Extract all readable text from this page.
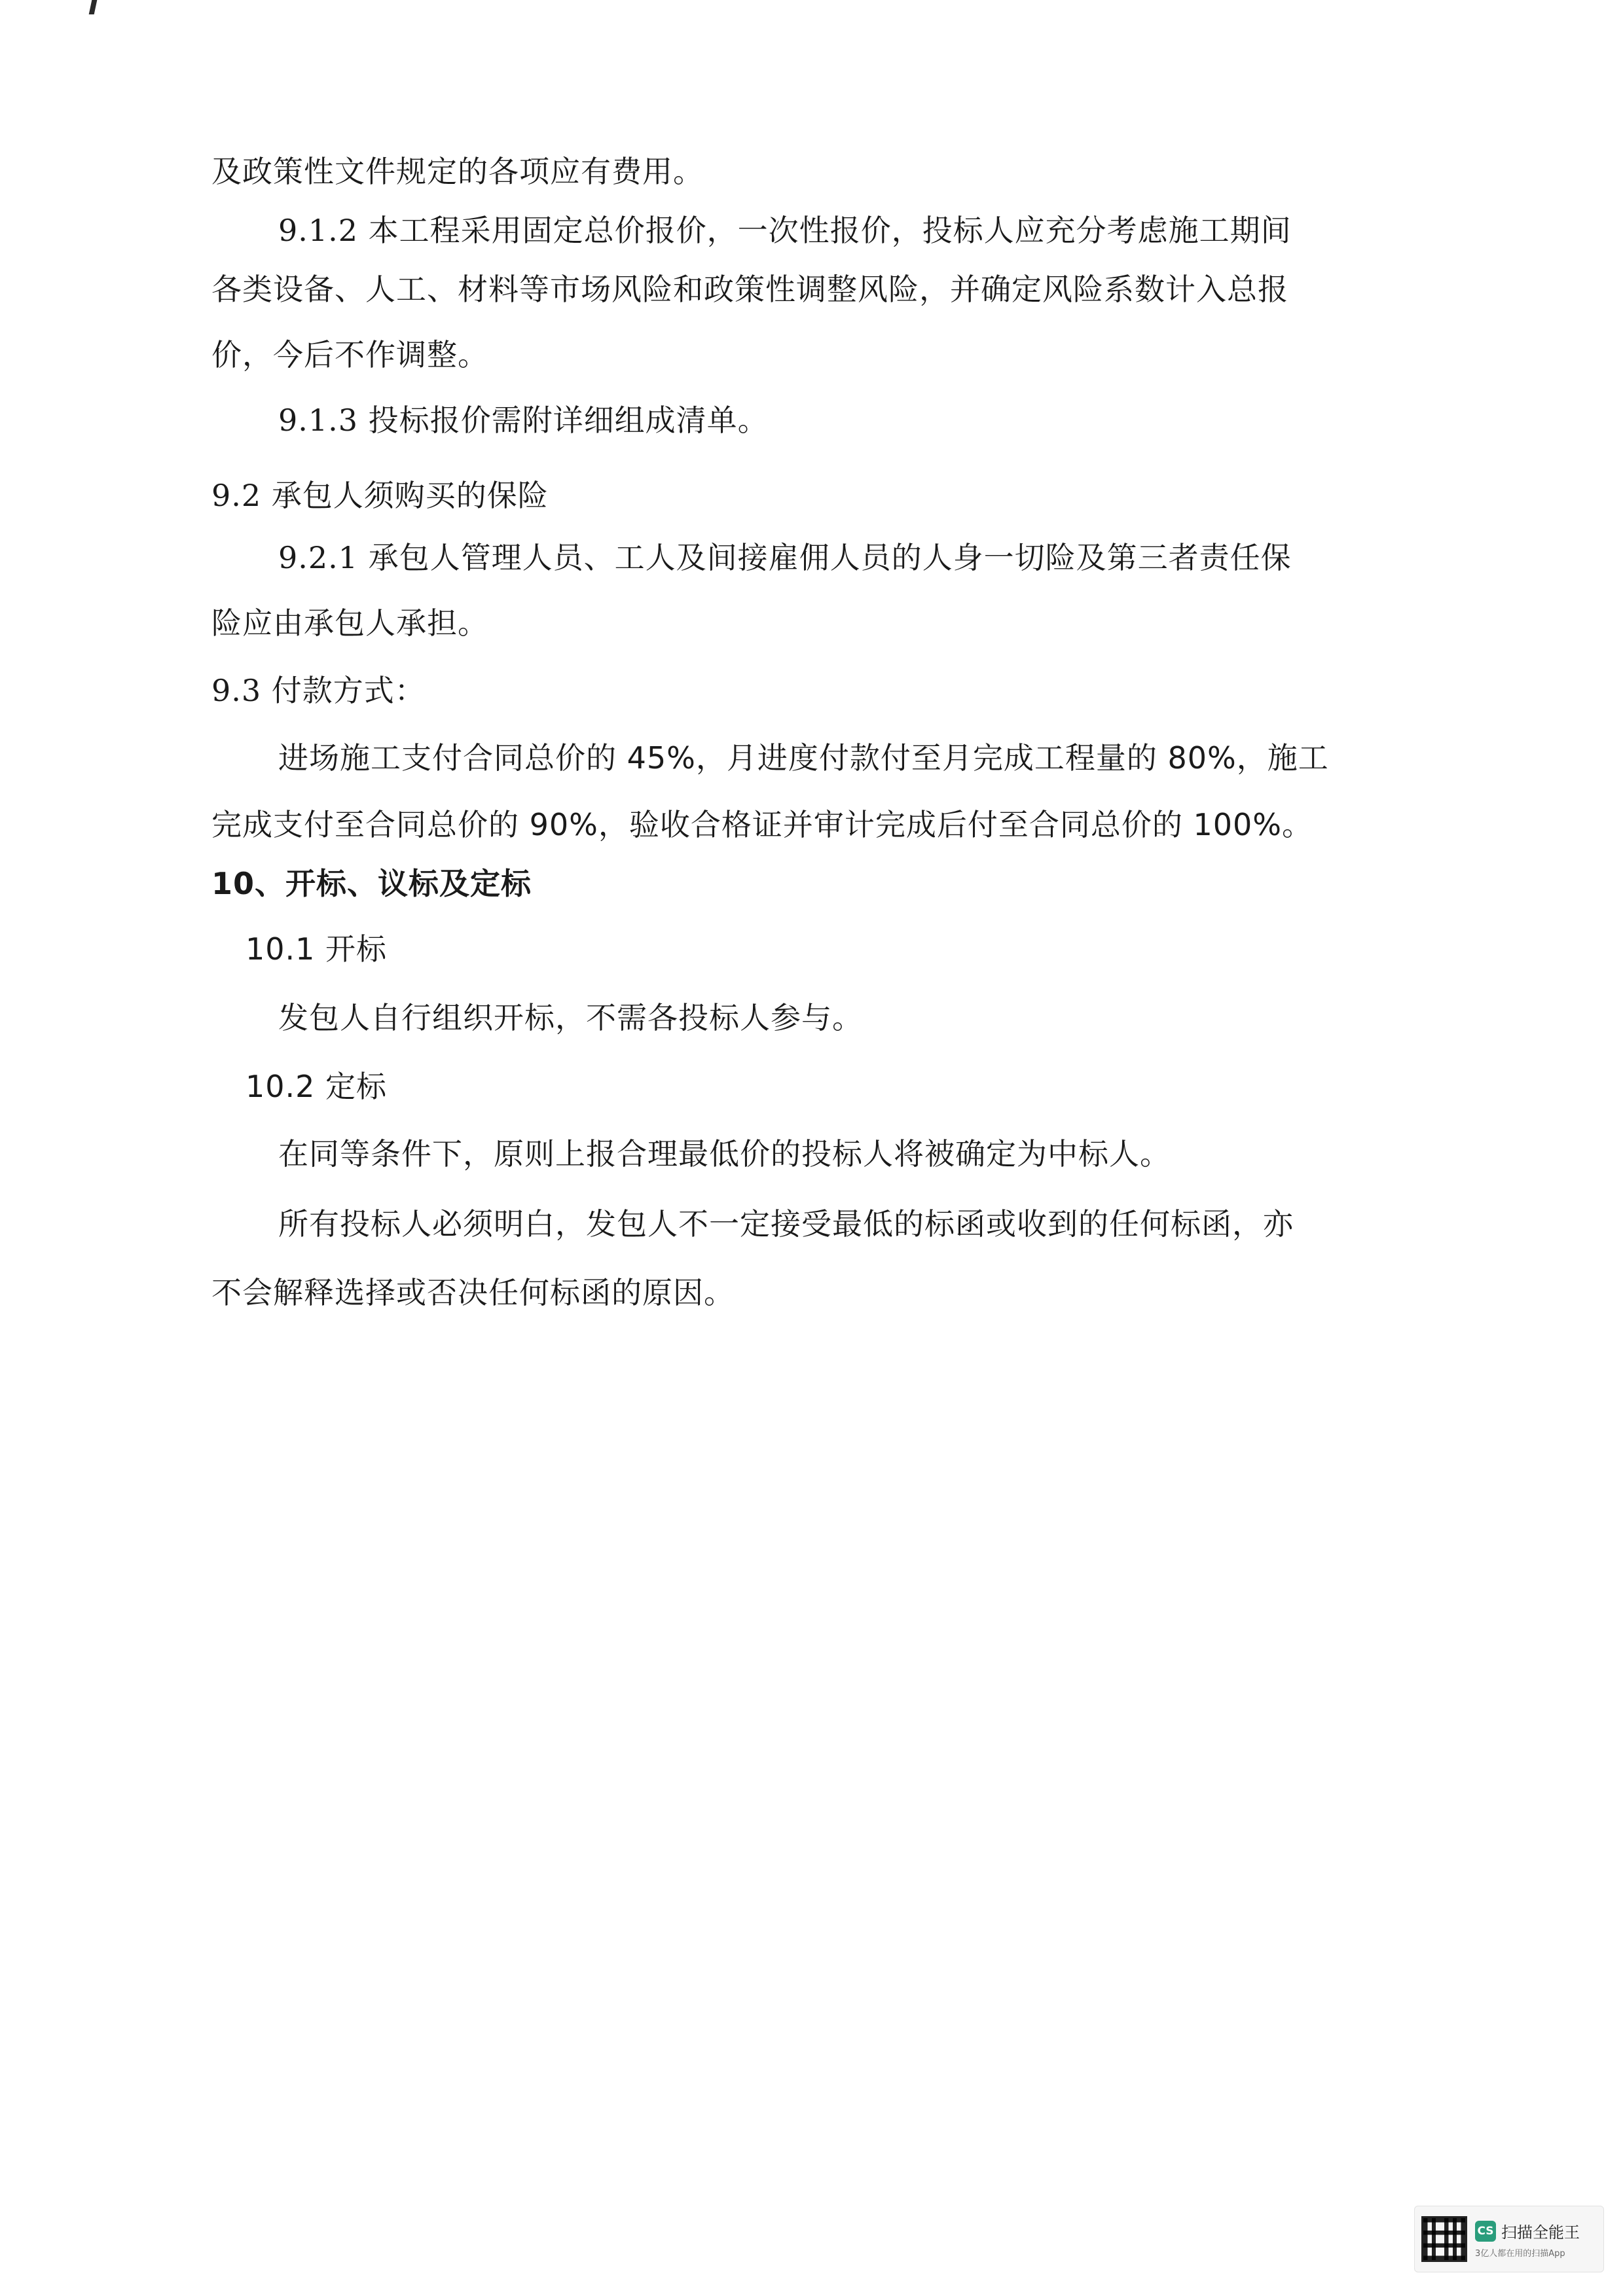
及政策性文件规定的各项应有费用。
9.1.2 本工程采用固定总价报价，一次性报价，投标人应充分考虑施工期间
各类设备、人工、材料等市场风险和政策性调整风险，并确定风险系数计入总报
价，今后不作调整。
9.1.3 投标报价需附详细组成清单。
9.2 承包人须购买的保险
9.2.1 承包人管理人员、工人及间接雇佣人员的人身一切险及第三者责任保
险应由承包人承担。
9.3 付款方式：
进场施工支付合同总价的 45%，月进度付款付至月完成工程量的 80%，施工
完成支付至合同总价的 90%，验收合格证并审计完成后付至合同总价的 100%。
10、开标、议标及定标
10.1 开标
发包人自行组织开标，不需各投标人参与。
10.2 定标
在同等条件下，原则上报合理最低价的投标人将被确定为中标人。
所有投标人必须明白，发包人不一定接受最低的标函或收到的任何标函，亦
不会解释选择或否决任何标函的原因。
CS 扫描全能王
3亿人都在用的扫描App
